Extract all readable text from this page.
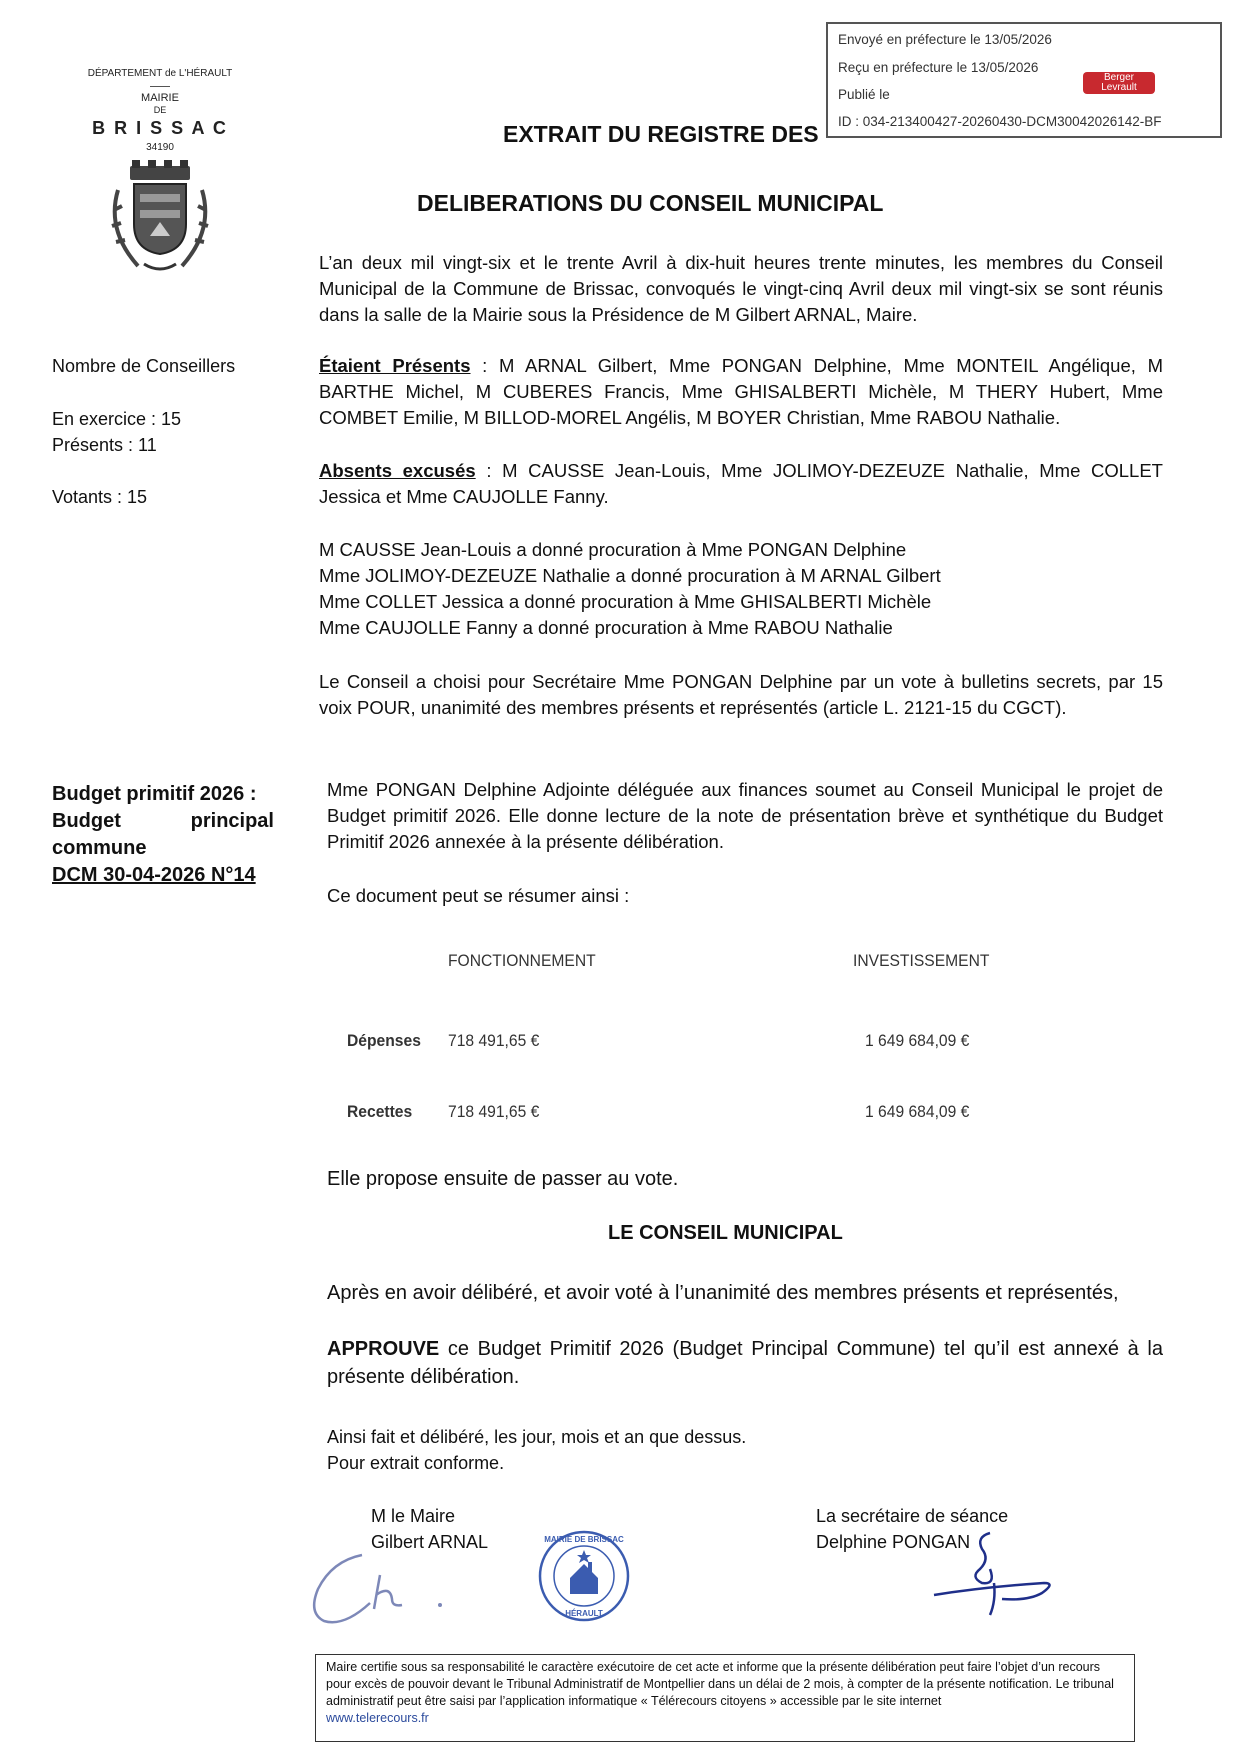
Envoyé en préfecture le 13/05/2026
Reçu en préfecture le 13/05/2026
Publié le
ID : 034-213400427-20260430-DCM30042026142-BF
Berger
Levrault
DÉPARTEMENT de L'HÉRAULT
MAIRIE
DE
B R I S S A C
34190
EXTRAIT DU REGISTRE DES
DELIBERATIONS DU CONSEIL MUNICIPAL
L’an deux mil vingt-six et le trente Avril à dix-huit heures trente minutes, les membres du Conseil Municipal de la Commune de Brissac, convoqués le vingt-cinq Avril deux mil vingt-six se sont réunis dans la salle de la Mairie sous la Présidence de M Gilbert ARNAL, Maire.
Nombre de Conseillers
En exercice : 15
Présents : 11
Votants : 15
Étaient Présents : M ARNAL Gilbert, Mme PONGAN Delphine, Mme MONTEIL Angélique, M BARTHE Michel, M CUBERES Francis, Mme GHISALBERTI Michèle, M THERY Hubert, Mme COMBET Emilie, M BILLOD-MOREL Angélis, M BOYER Christian, Mme RABOU Nathalie.
Absents excusés : M CAUSSE Jean-Louis, Mme JOLIMOY-DEZEUZE Nathalie, Mme COLLET Jessica et Mme CAUJOLLE Fanny.
M CAUSSE Jean-Louis a donné procuration à Mme PONGAN Delphine
Mme JOLIMOY-DEZEUZE Nathalie a donné procuration à M ARNAL Gilbert
Mme COLLET Jessica a donné procuration à Mme GHISALBERTI Michèle
Mme CAUJOLLE Fanny a donné procuration à Mme RABOU Nathalie
Le Conseil a choisi pour Secrétaire Mme PONGAN Delphine par un vote à bulletins secrets, par 15 voix POUR, unanimité des membres présents et représentés (article L. 2121-15 du CGCT).
Budget primitif 2026 :
Budget	principal
commune
DCM 30-04-2026 N°14
Mme PONGAN Delphine Adjointe déléguée aux finances soumet au Conseil Municipal le projet de Budget primitif 2026. Elle donne lecture de la note de présentation brève et synthétique du Budget Primitif 2026 annexée à la présente délibération.
Ce document peut se résumer ainsi :
FONCTIONNEMENT	INVESTISSEMENT
Dépenses 718 491,65 €	1 649 684,09 €
Recettes 718 491,65 €	1 649 684,09 €
Elle propose ensuite de passer au vote.
LE CONSEIL MUNICIPAL
Après en avoir délibéré, et avoir voté à l’unanimité des membres présents et représentés,
APPROUVE ce Budget Primitif 2026 (Budget Principal Commune) tel qu’il est annexé à la présente délibération.
Ainsi fait et délibéré, les jour, mois et an que dessus.
Pour extrait conforme.
M le Maire
Gilbert ARNAL
La secrétaire de séance
Delphine PONGAN
MAIRIE DE BRISSAC
HÉRAULT
Maire certifie sous sa responsabilité le caractère exécutoire de cet acte et informe que la présente délibération peut faire l’objet d’un recours pour excès de pouvoir devant le Tribunal Administratif de Montpellier dans un délai de 2 mois, à compter de la présente notification. Le tribunal administratif peut être saisi par l’application informatique « Télérecours citoyens » accessible par le site internet
www.telerecours.fr
